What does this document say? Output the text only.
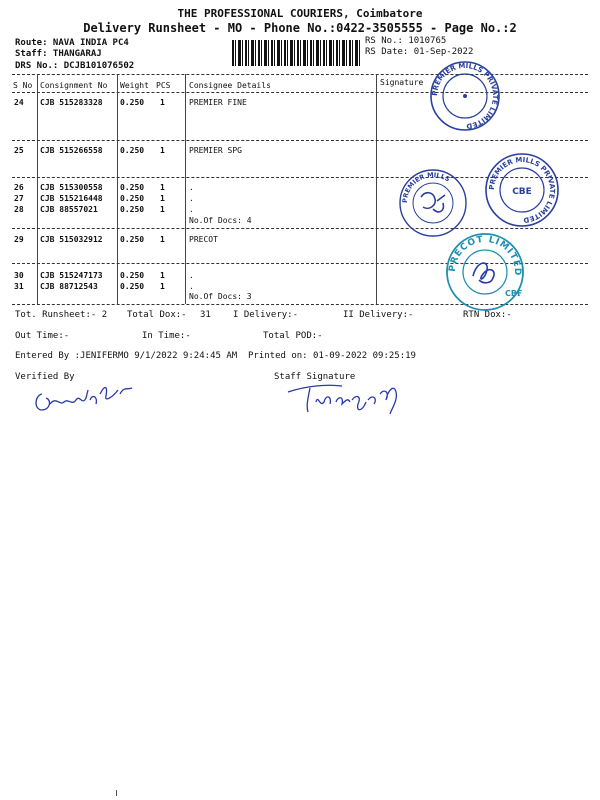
THE PROFESSIONAL COURIERS, Coimbatore
Delivery Runsheet - MO - Phone No.:0422-3505555 - Page No.:2
Route: NAVA INDIA PC4
Staff: THANGARAJ
DRS No.: DCJB101076502
RS No.: 1010765
RS Date: 01-Sep-2022
S No Consignment No Weight PCS Consignee Details	Signature
24 CJB 515283328 0.250 1	PREMIER FINE
25 CJB 515266558 0.250 1	PREMIER SPG
26 CJB 515300558 0.250 1	.
27 CJB 515216448 0.250 1	.
28 CJB 88557021	0.250 1	.
No.Of Docs: 4
29 CJB 515032912 0.250 1	PRECOT
30 CJB 515247173 0.250 1	.
31 CJB 88712543	0.250 1	.
No.Of Docs: 3
Tot. Runsheet:- 2 Total Dox:- 31 I Delivery:-	II Delivery:-	RTN Dox:-
Out Time:-	In Time:-	Total POD:-
Entered By :JENIFERMO 9/1/2022 9:24:45 AM Printed on: 01-09-2022 09:25:19
Verified By	Staff Signature
PREMIER MILLS PRIVATE LIMITED
PREMIER MILLS
PREMIER MILLS PRIVATE LIMITED
CBE
PRECOT LIMITED
CBE
